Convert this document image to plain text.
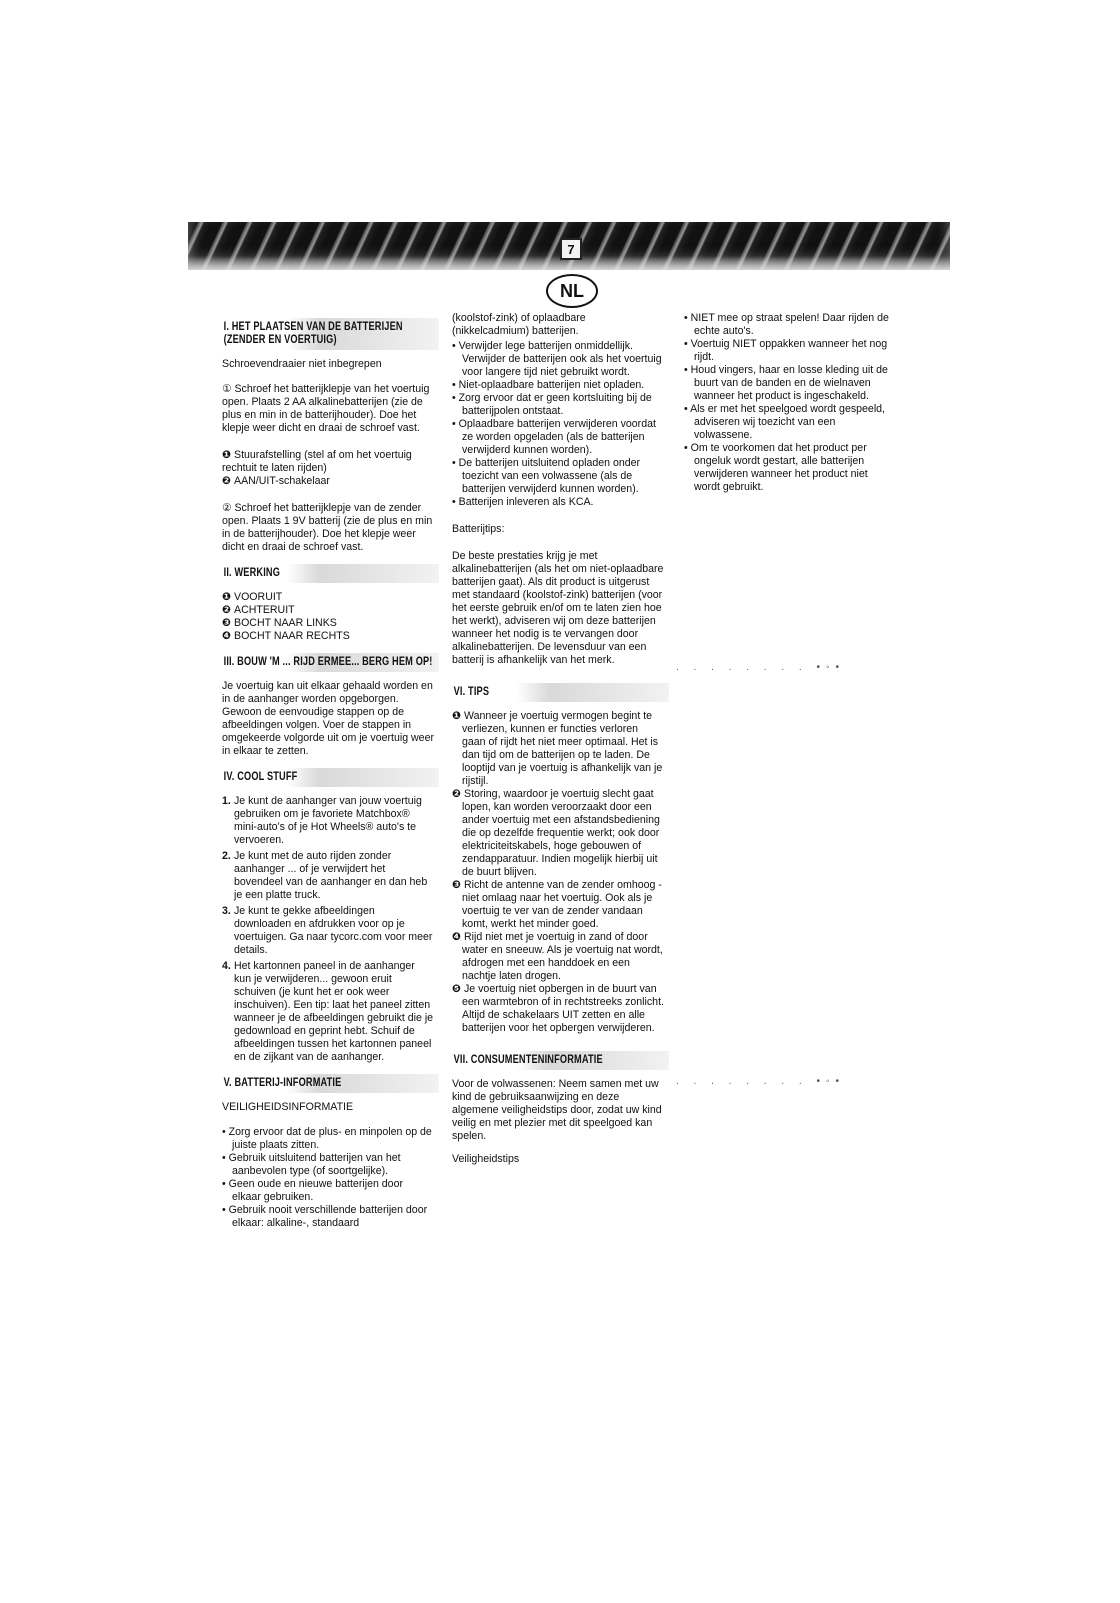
7
NL
I. HET PLAATSEN VAN DE BATTERIJEN (ZENDER EN VOERTUIG)

Schroevendraaier niet inbegrepen

① Schroef het batterijklepje van het voertuig open. Plaats 2 AA alkalinebatterijen (zie de plus en min in de batterijhouder). Doe het klepje weer dicht en draai de schroef vast.

❶ Stuurafstelling (stel af om het voertuig rechtuit te laten rijden)

❷ AAN/UIT-schakelaar

② Schroef het batterijklepje van de zender open. Plaats 1 9V batterij (zie de plus en min in de batterijhouder). Doe het klepje weer dicht en draai de schroef vast.

II. WERKING
❶ VOORUIT
❷ ACHTERUIT
❸ BOCHT NAAR LINKS
❹ BOCHT NAAR RECHTS
III. BOUW 'M ... RIJD ERMEE... BERG HEM OP!

Je voertuig kan uit elkaar gehaald worden en in de aanhanger worden opgeborgen. Gewoon de eenvoudige stappen op de afbeeldingen volgen. Voer de stappen in omgekeerde volgorde uit om je voertuig weer in elkaar te zetten.

IV. COOL STUFF
1. Je kunt de aanhanger van jouw voertuig gebruiken om je favoriete Matchbox® mini-auto's of je Hot Wheels® auto's te vervoeren.
2. Je kunt met de auto rijden zonder aanhanger ... of je verwijdert het bovendeel van de aanhanger en dan heb je een platte truck.
3. Je kunt te gekke afbeeldingen downloaden en afdrukken voor op je voertuigen. Ga naar tycorc.com voor meer details.
4. Het kartonnen paneel in de aanhanger kun je verwijderen... gewoon eruit schuiven (je kunt het er ook weer inschuiven). Een tip: laat het paneel zitten wanneer je de afbeeldingen gebruikt die je gedownload en geprint hebt. Schuif de afbeeldingen tussen het kartonnen paneel en de zijkant van de aanhanger.
V. BATTERIJ-INFORMATIE

VEILIGHEIDSINFORMATIE

• Zorg ervoor dat de plus- en minpolen op de juiste plaats zitten.
• Gebruik uitsluitend batterijen van het aanbevolen type (of soortgelijke).
• Geen oude en nieuwe batterijen door elkaar gebruiken.
• Gebruik nooit verschillende batterijen door elkaar: alkaline-, standaard

(koolstof-zink) of oplaadbare (nikkelcadmium) batterijen.

• Verwijder lege batterijen onmiddellijk. Verwijder de batterijen ook als het voertuig voor langere tijd niet gebruikt wordt.
• Niet-oplaadbare batterijen niet opladen.
• Zorg ervoor dat er geen kortsluiting bij de batterijpolen ontstaat.
• Oplaadbare batterijen verwijderen voordat ze worden opgeladen (als de batterijen verwijderd kunnen worden).
• De batterijen uitsluitend opladen onder toezicht van een volwassene (als de batterijen verwijderd kunnen worden).
• Batterijen inleveren als KCA.

Batterijtips:

De beste prestaties krijg je met alkalinebatterijen (als het om niet-oplaadbare batterijen gaat). Als dit product is uitgerust met standaard (koolstof-zink) batterijen (voor het eerste gebruik en/of om te laten zien hoe het werkt), adviseren wij om deze batterijen wanneer het nodig is te vervangen door alkalinebatterijen. De levensduur van een batterij is afhankelijk van het merk.

VI. TIPS
❶ Wanneer je voertuig vermogen begint te verliezen, kunnen er functies verloren gaan of rijdt het niet meer optimaal. Het is dan tijd om de batterijen op te laden. De looptijd van je voertuig is afhankelijk van je rijstijl.
❷ Storing, waardoor je voertuig slecht gaat lopen, kan worden veroorzaakt door een ander voertuig met een afstandsbediening die op dezelfde frequentie werkt; ook door elektriciteitskabels, hoge gebouwen of zendapparatuur. Indien mogelijk hierbij uit de buurt blijven.
❸ Richt de antenne van de zender omhoog - niet omlaag naar het voertuig. Ook als je voertuig te ver van de zender vandaan komt, werkt het minder goed.
❹ Rijd niet met je voertuig in zand of door water en sneeuw. Als je voertuig nat wordt, afdrogen met een handdoek en een nachtje laten drogen.
❺ Je voertuig niet opbergen in de buurt van een warmtebron of in rechtstreeks zonlicht. Altijd de schakelaars UIT zetten en alle batterijen voor het opbergen verwijderen.
VII. CONSUMENTENINFORMATIE

Voor de volwassenen: Neem samen met uw kind de gebruiksaanwijzing en deze algemene veiligheidstips door, zodat uw kind veilig en met plezier met dit speelgoed kan spelen.

Veiligheidstips

• NIET mee op straat spelen! Daar rijden de echte auto's.
• Voertuig NIET oppakken wanneer het nog rijdt.
• Houd vingers, haar en losse kleding uit de buurt van de banden en de wielnaven wanneer het product is ingeschakeld.
• Als er met het speelgoed wordt gespeeld, adviseren wij toezicht van een volwassene.
• Om te voorkomen dat het product per ongeluk wordt gestart, alle batterijen verwijderen wanneer het product niet wordt gebruikt.
. . . . . . . . •◦•
. . . . . . . . •◦•
